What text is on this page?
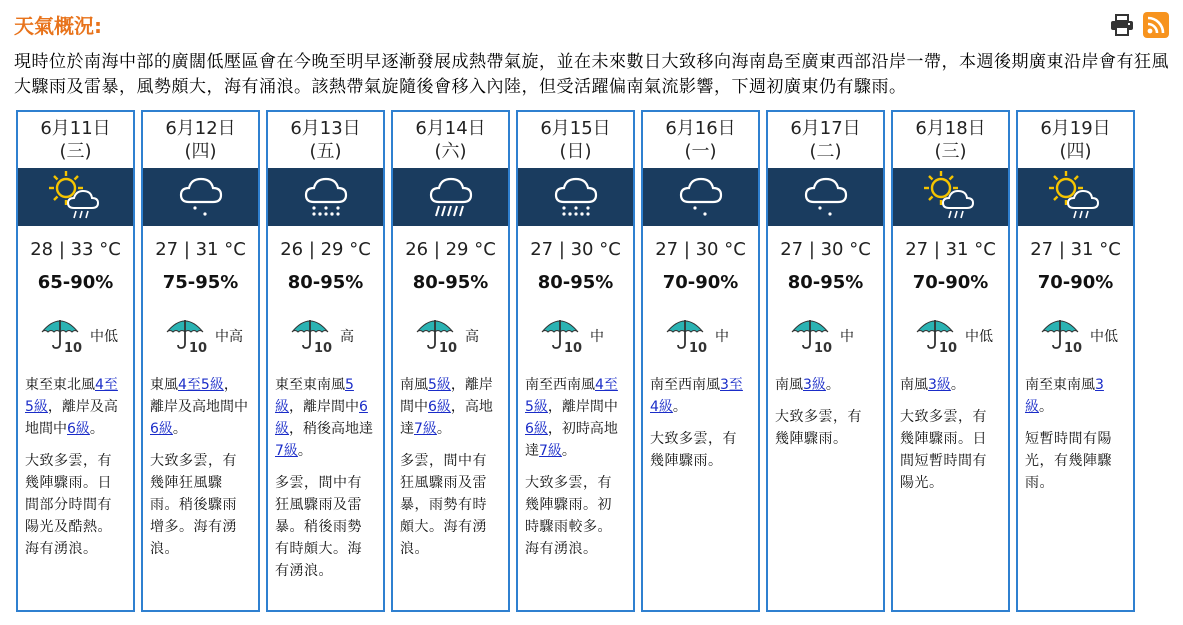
天氣概況:
現時位於南海中部的廣闊低壓區會在今晚至明早逐漸發展成熱帶氣旋，並在未來數日大致移向海南島至廣東西部沿岸一帶，本週後期廣東沿岸會有狂風大驟雨及雷暴，風勢頗大，海有涌浪。該熱帶氣旋隨後會移入內陸，但受活躍偏南氣流影響，下週初廣東仍有驟雨。
6月11日
(三)
28 | 33 °C
65-90%
10
中低
東至東北風4至5級，離岸及高地間中6級。
大致多雲，有幾陣驟雨。日間部分時間有陽光及酷熱。海有湧浪。
6月12日
(四)
27 | 31 °C
75-95%
10
中高
東風4至5級，離岸及高地間中6級。
大致多雲，有幾陣狂風驟雨。稍後驟雨增多。海有湧浪。
6月13日
(五)
26 | 29 °C
80-95%
10
高
東至東南風5級，離岸間中6級，稍後高地達7級。
多雲，間中有狂風驟雨及雷暴。稍後雨勢有時頗大。海有湧浪。
6月14日
(六)
26 | 29 °C
80-95%
10
高
南風5級，離岸間中6級，高地達7級。
多雲，間中有狂風驟雨及雷暴，雨勢有時頗大。海有湧浪。
6月15日
(日)
27 | 30 °C
80-95%
10
中
南至西南風4至5級，離岸間中6級，初時高地達7級。
大致多雲，有幾陣驟雨。初時驟雨較多。海有湧浪。
6月16日
(一)
27 | 30 °C
70-90%
10
中
南至西南風3至4級。
大致多雲，有幾陣驟雨。
6月17日
(二)
27 | 30 °C
80-95%
10
中
南風3級。
大致多雲，有幾陣驟雨。
6月18日
(三)
27 | 31 °C
70-90%
10
中低
南風3級。
大致多雲，有幾陣驟雨。日間短暫時間有陽光。
6月19日
(四)
27 | 31 °C
70-90%
10
中低
南至東南風3級。
短暫時間有陽光，有幾陣驟雨。
